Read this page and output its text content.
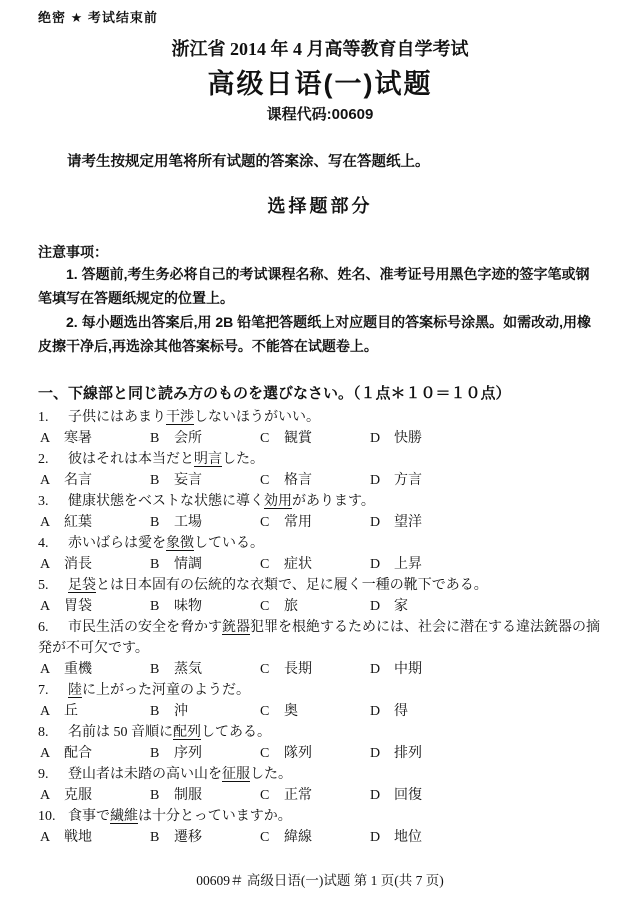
绝密 ★ 考试结束前
浙江省 2014 年 4 月高等教育自学考试
高级日语(一)试题
课程代码:00609

请考生按规定用笔将所有试题的答案涂、写在答题纸上。

选择题部分
注意事项：

1. 答题前,考生务必将自己的考试课程名称、姓名、准考证号用黑色字迹的签字笔或钢笔填写在答题纸规定的位置上。

2. 每小题选出答案后,用 2B 铅笔把答题纸上对应题目的答案标号涂黑。如需改动,用橡皮擦干净后,再选涂其他答案标号。不能答在试题卷上。

一、下線部と同じ読み方のものを選びなさい。（１点＊１０＝１０点）

1. 子供にはあまり干渉しないほうがいい。

A 寒暑	B	会所	C	観賞	D 快勝

2. 彼はそれは本当だと明言した。

A 名言	B	妄言	C	格言	D 方言

3. 健康状態をベストな状態に導く効用があります。

A 紅葉	B	工場	C	常用	D 望洋

4. 赤いばらは愛を象徴している。

A 消長	B	情調	C	症状	D 上昇

5. 足袋とは日本固有の伝統的な衣類で、足に履く一種の靴下である。

A 胃袋	B	味物	C	旅	D 家

6. 市民生活の安全を脅かす銃器犯罪を根絶するためには、社会に潜在する違法銃器の摘発が不可欠です。

A 重機	B	蒸気	C	長期	D 中期

7. 陸に上がった河童のようだ。

A 丘	B	沖	C	奥	D 得

8. 名前は 50 音順に配列してある。

A 配合	B	序列	C	隊列	D 排列

9. 登山者は未踏の高い山を征服した。

A 克服	B	制服	C	正常	D 回復

10. 食事で繊維は十分とっていますか。

A 戦地	B	遷移	C	緯線	D 地位
00609＃ 高级日语(一)试题 第 1 页(共 7 页)
